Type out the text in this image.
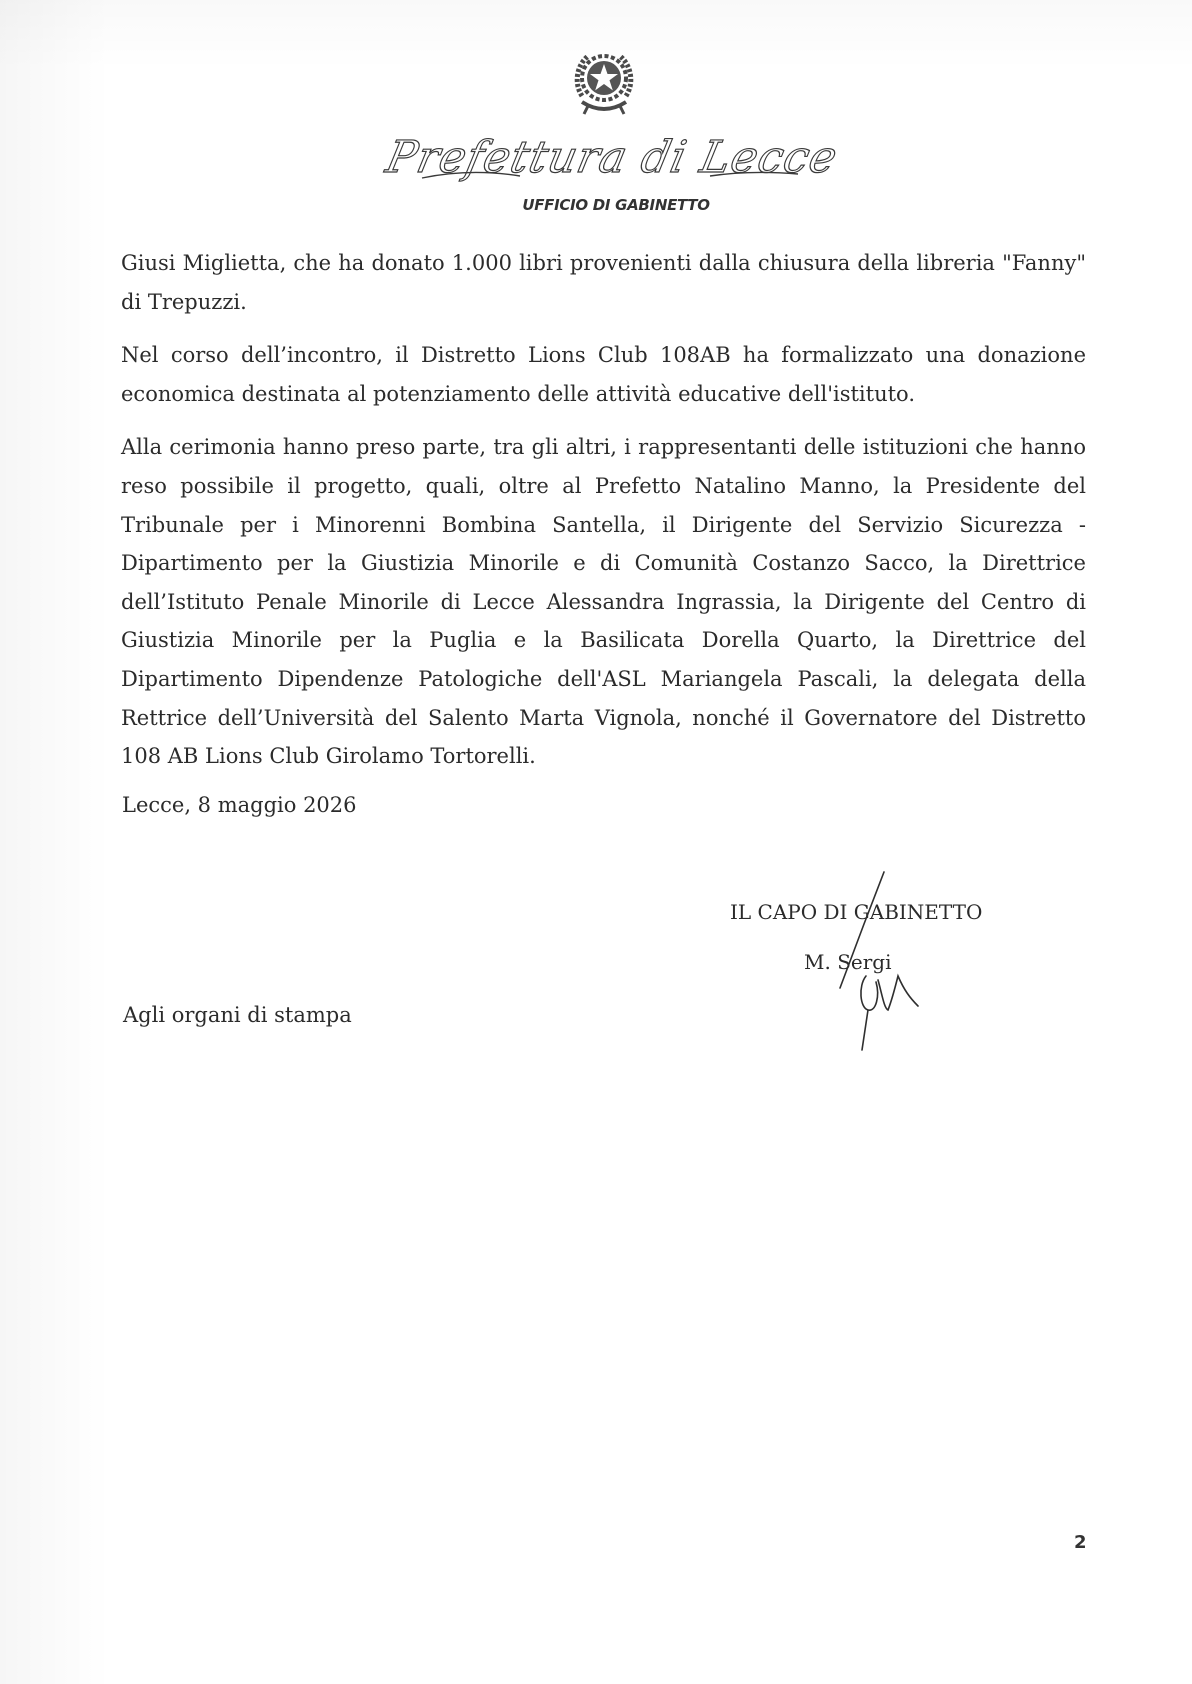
Prefettura di Lecce
UFFICIO DI GABINETTO

Giusi Miglietta, che ha donato 1.000 libri provenienti dalla chiusura della libreria "Fanny" di Trepuzzi.

Nel corso dell’incontro, il Distretto Lions Club 108AB ha formalizzato una donazione economica destinata al potenziamento delle attività educative dell'istituto.

Alla cerimonia hanno preso parte, tra gli altri, i rappresentanti delle istituzioni che hanno reso possibile il progetto, quali, oltre al Prefetto Natalino Manno, la Presidente del Tribunale per i Minorenni Bombina Santella, il Dirigente del Servizio Sicurezza - Dipartimento per la Giustizia Minorile e di Comunità Costanzo Sacco, la Direttrice dell’Istituto Penale Minorile di Lecce Alessandra Ingrassia, la Dirigente del Centro di Giustizia Minorile per la Puglia e la Basilicata Dorella Quarto, la Direttrice del Dipartimento Dipendenze Patologiche dell'ASL Mariangela Pascali, la delegata della Rettrice dell’Università del Salento Marta Vignola, nonché il Governatore del Distretto 108 AB Lions Club Girolamo Tortorelli.

Lecce, 8 maggio 2026
IL CAPO DI GABINETTO
M. Sergi
Agli organi di stampa
2
